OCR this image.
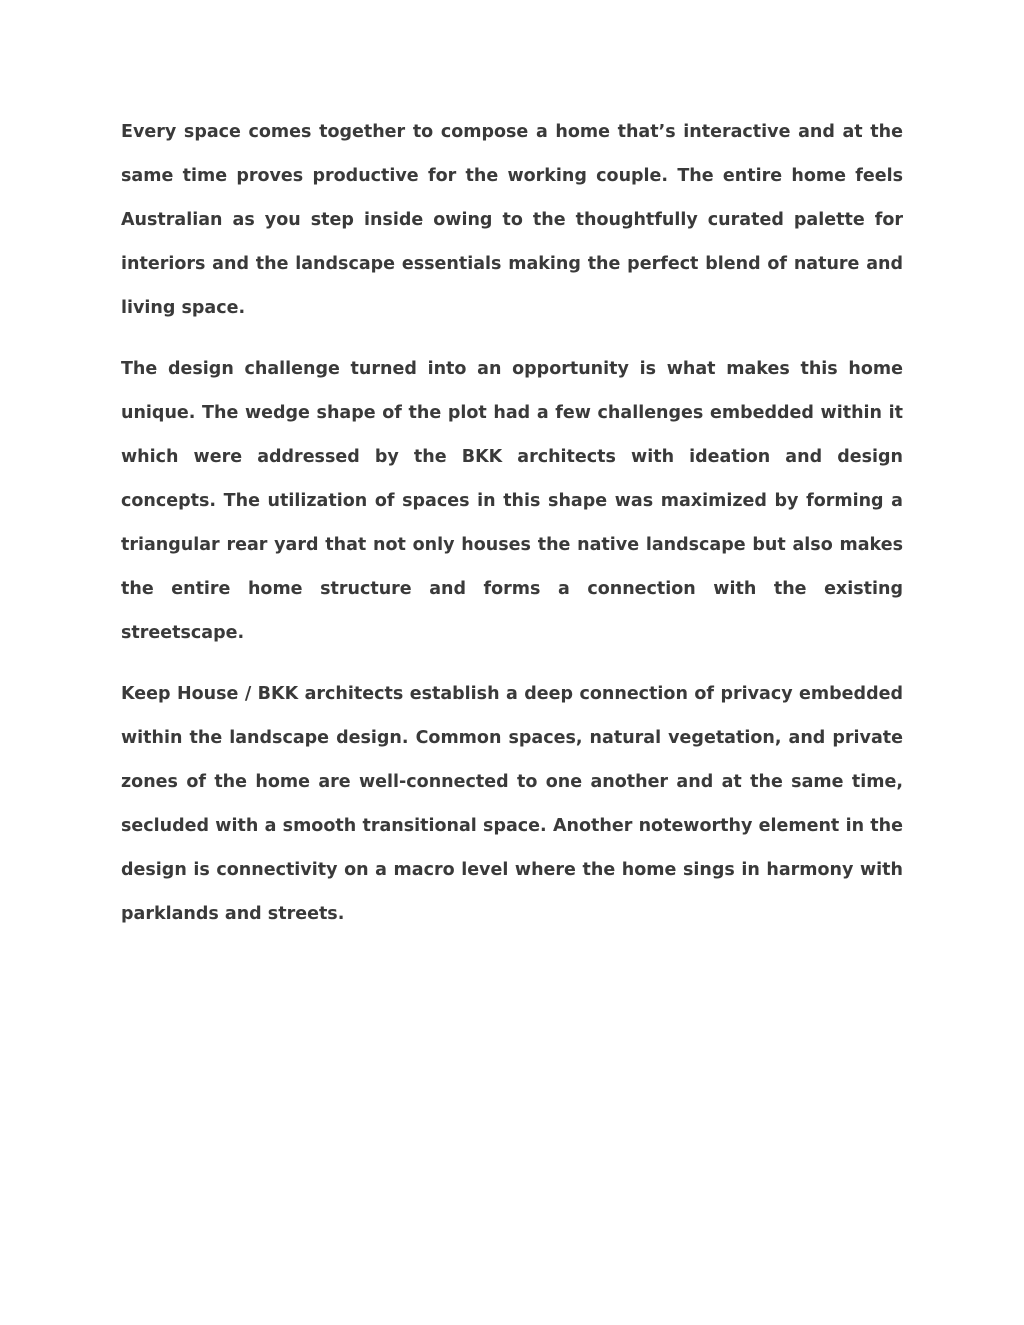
Every space comes together to compose a home that’s interactive and at the same time proves productive for the working couple. The entire home feels Australian as you step inside owing to the thoughtfully curated palette for interiors and the landscape essentials making the perfect blend of nature and living space.

The design challenge turned into an opportunity is what makes this home unique. The wedge shape of the plot had a few challenges embedded within it which were addressed by the BKK architects with ideation and design concepts. The utilization of spaces in this shape was maximized by forming a triangular rear yard that not only houses the native landscape but also makes the entire home structure and forms a connection with the existing streetscape.

Keep House / BKK architects establish a deep connection of privacy embedded within the landscape design. Common spaces, natural vegetation, and private zones of the home are well-connected to one another and at the same time, secluded with a smooth transitional space. Another noteworthy element in the design is connectivity on a macro level where the home sings in harmony with parklands and streets.
